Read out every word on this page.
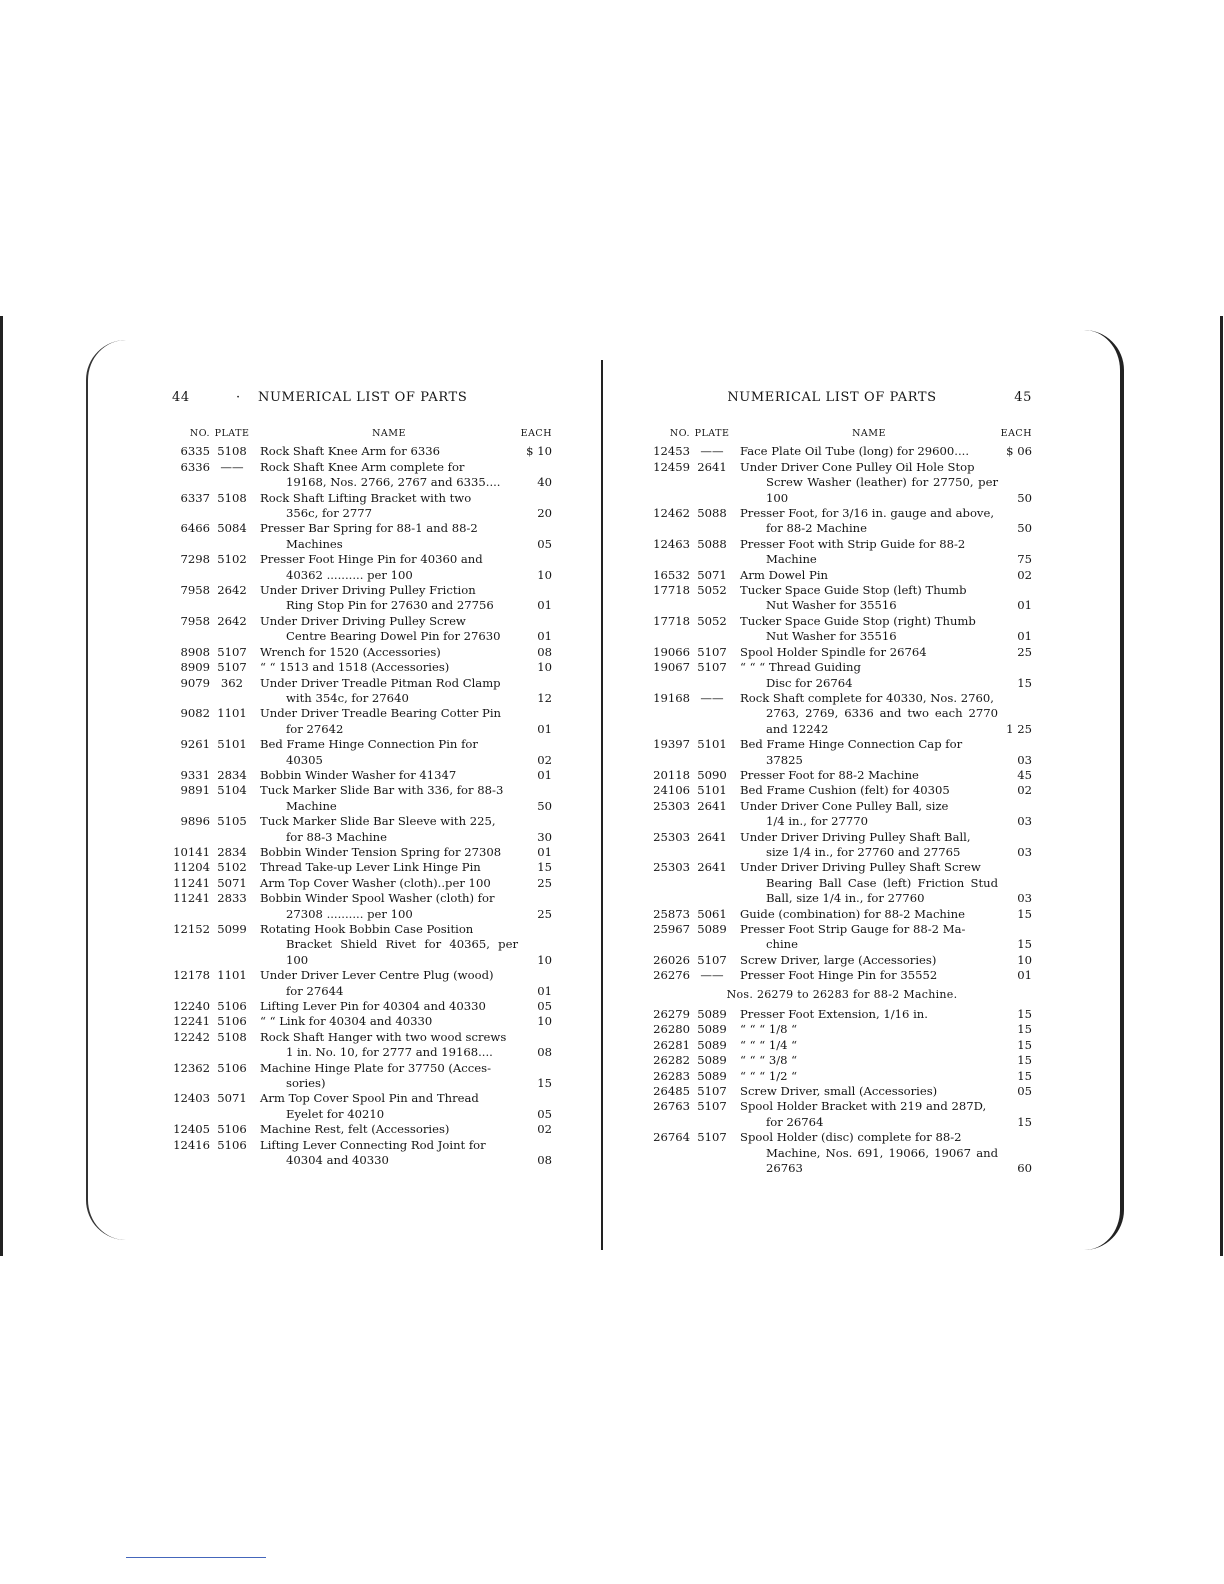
44	·	NUMERICAL LIST OF PARTS
NO. PLATE	NAME	EACH
6335 5108	Rock Shaft Knee Arm for 6336	$ 10
6336 ——	Rock Shaft Knee Arm complete for
19168, Nos. 2766, 2767 and 6335....	40
6337 5108	Rock Shaft Lifting Bracket with two
356c, for 2777	20
6466 5084	Presser Bar Spring for 88-1 and 88-2
Machines	05
7298 5102	Presser Foot Hinge Pin for 40360 and
40362 .......... per 100	10
7958 2642	Under Driver Driving Pulley Friction
Ring Stop Pin for 27630 and 27756	01
7958 2642	Under Driver Driving Pulley Screw
Centre Bearing Dowel Pin for 27630	01
8908 5107	Wrench for 1520 (Accessories)	08
8909 5107	“ “ 1513 and 1518 (Accessories)	10
9079 362	Under Driver Treadle Pitman Rod Clamp
with 354c, for 27640	12
9082 1101	Under Driver Treadle Bearing Cotter Pin
for 27642	01
9261 5101	Bed Frame Hinge Connection Pin for
40305	02
9331 2834	Bobbin Winder Washer for 41347	01
9891 5104	Tuck Marker Slide Bar with 336, for 88-3
Machine	50
9896 5105	Tuck Marker Slide Bar Sleeve with 225,
for 88-3 Machine	30
10141 2834	Bobbin Winder Tension Spring for 27308	01
11204 5102	Thread Take-up Lever Link Hinge Pin	15
11241 5071	Arm Top Cover Washer (cloth)..per 100	25
11241 2833	Bobbin Winder Spool Washer (cloth) for
27308 .......... per 100	25
12152 5099	Rotating Hook Bobbin Case Position
Bracket Shield Rivet for 40365, per 100	10
12178 1101	Under Driver Lever Centre Plug (wood)
for 27644	01
12240 5106	Lifting Lever Pin for 40304 and 40330	05
12241 5106	“ “ Link for 40304 and 40330	10
12242 5108	Rock Shaft Hanger with two wood screws
1 in. No. 10, for 2777 and 19168....	08
12362 5106	Machine Hinge Plate for 37750 (Acces-
sories)	15
12403 5071	Arm Top Cover Spool Pin and Thread
Eyelet for 40210	05
12405 5106	Machine Rest, felt (Accessories)	02
12416 5106	Lifting Lever Connecting Rod Joint for
40304 and 40330	08
NUMERICAL LIST OF PARTS	45
NO. PLATE	NAME	EACH
12453 ——	Face Plate Oil Tube (long) for 29600....	$ 06
12459 2641	Under Driver Cone Pulley Oil Hole Stop
Screw Washer (leather) for 27750, per 100	50
12462 5088	Presser Foot, for 3/16 in. gauge and above,
for 88-2 Machine	50
12463 5088	Presser Foot with Strip Guide for 88-2
Machine	75
16532 5071	Arm Dowel Pin	02
17718 5052	Tucker Space Guide Stop (left) Thumb
Nut Washer for 35516	01
17718 5052	Tucker Space Guide Stop (right) Thumb
Nut Washer for 35516	01
19066 5107	Spool Holder Spindle for 26764	25
19067 5107	“ “ “ Thread Guiding
Disc for 26764	15
19168 ——	Rock Shaft complete for 40330, Nos. 2760,
2763, 2769, 6336 and two each 2770 and 12242	1 25
19397 5101	Bed Frame Hinge Connection Cap for
37825	03
20118 5090	Presser Foot for 88-2 Machine	45
24106 5101	Bed Frame Cushion (felt) for 40305	02
25303 2641	Under Driver Cone Pulley Ball, size
1/4 in., for 27770	03
25303 2641	Under Driver Driving Pulley Shaft Ball,
size 1/4 in., for 27760 and 27765	03
25303 2641	Under Driver Driving Pulley Shaft Screw
Bearing Ball Case (left) Friction Stud Ball, size 1/4 in., for 27760	03
25873 5061	Guide (combination) for 88-2 Machine	15
25967 5089	Presser Foot Strip Gauge for 88-2 Ma-
chine	15
26026 5107	Screw Driver, large (Accessories)	10
26276 ——	Presser Foot Hinge Pin for 35552	01
Nos. 26279 to 26283 for 88-2 Machine.
26279 5089	Presser Foot Extension, 1/16 in.	15
26280 5089	“ “ “ 1/8 “	15
26281 5089	“ “ “ 1/4 “	15
26282 5089	“ “ “ 3/8 “	15
26283 5089	“ “ “ 1/2 “	15
26485 5107	Screw Driver, small (Accessories)	05
26763 5107	Spool Holder Bracket with 219 and 287D,
for 26764	15
26764 5107	Spool Holder (disc) complete for 88-2
Machine, Nos. 691, 19066, 19067 and 26763	60
